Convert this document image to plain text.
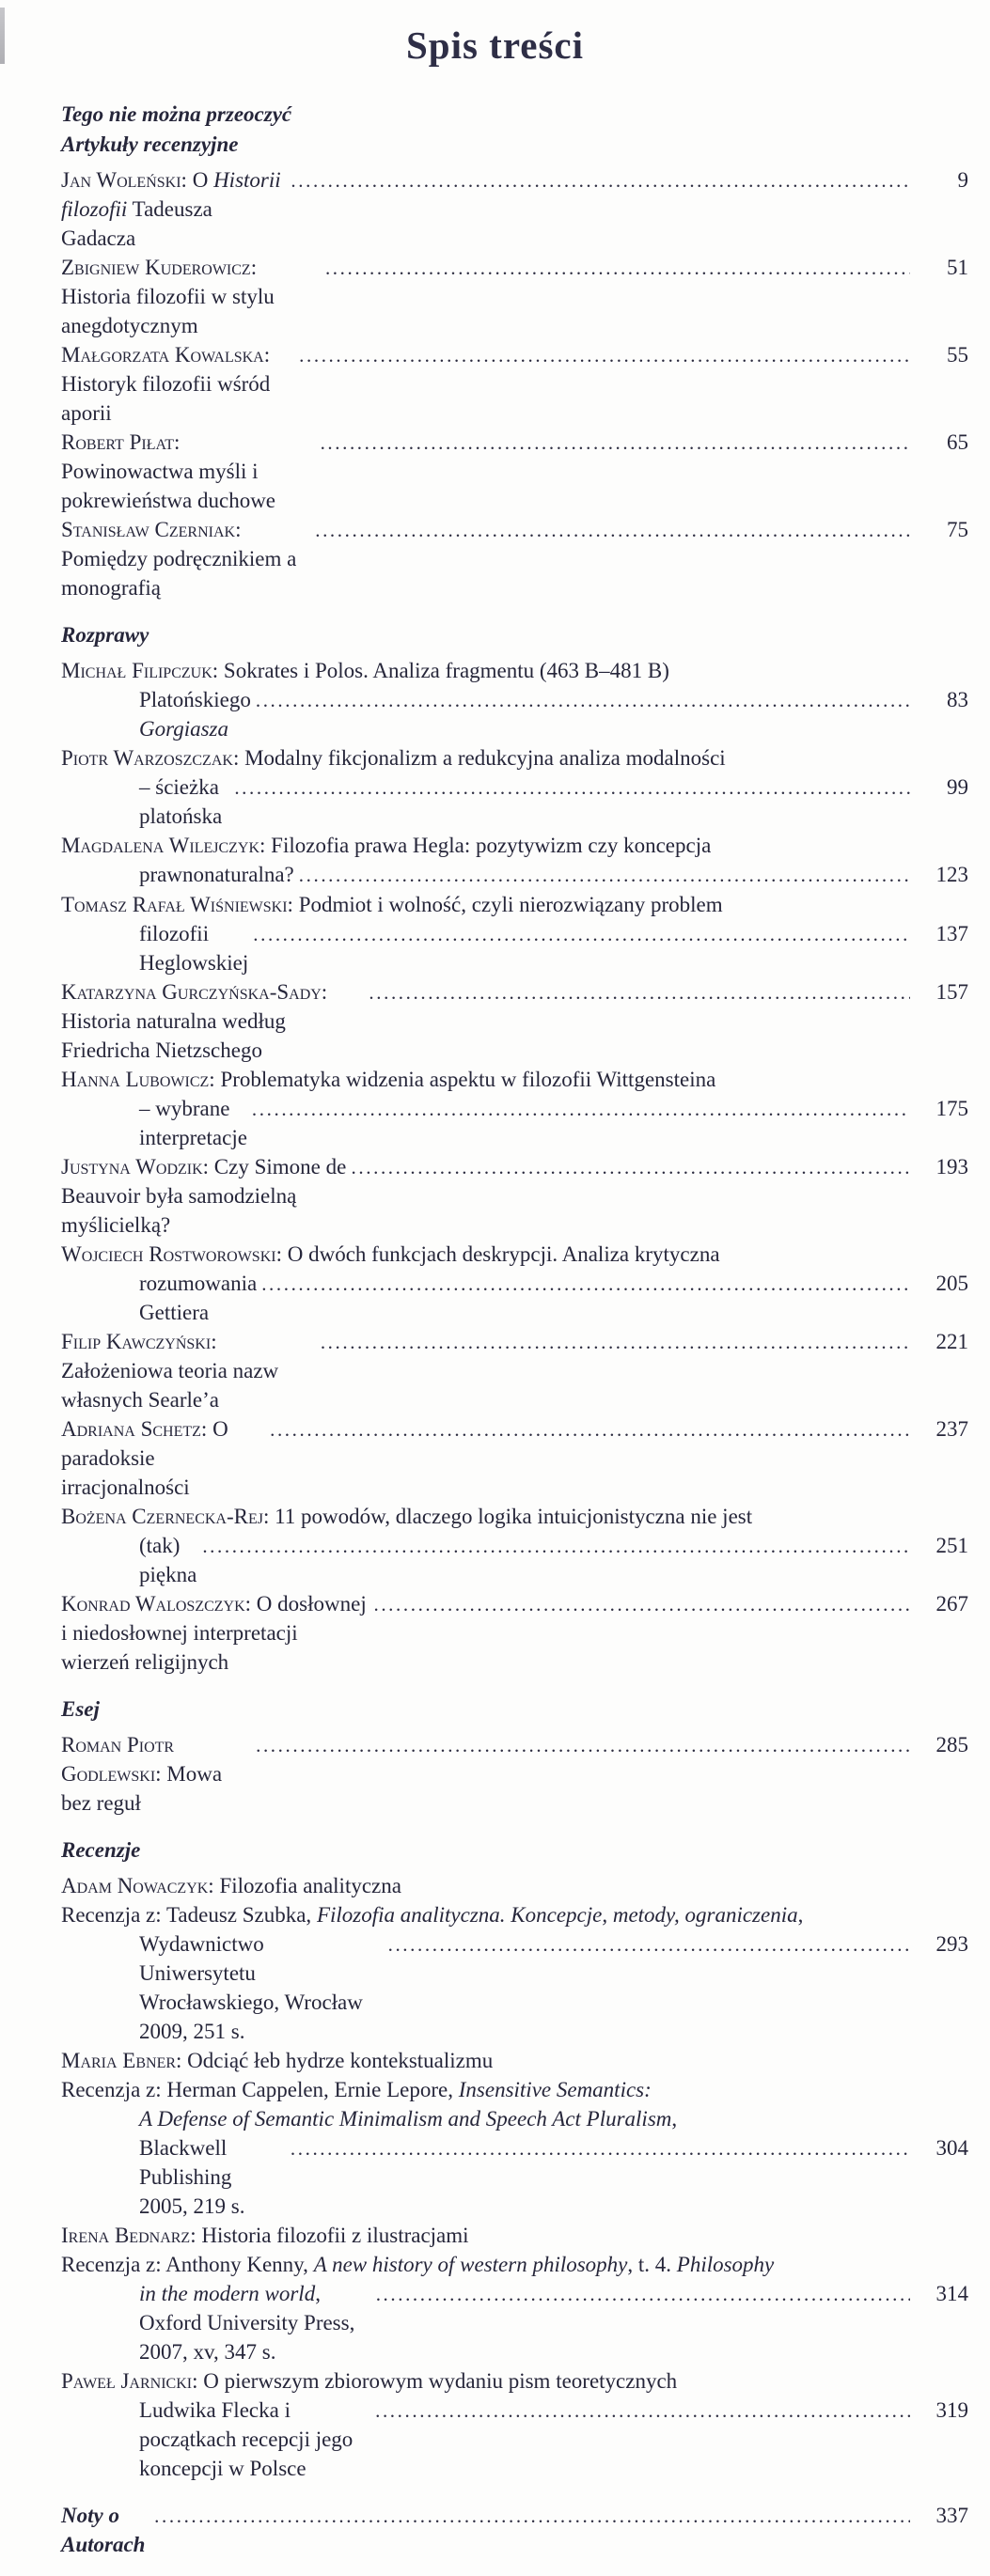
Spis treści
Tego nie można przeoczyć
Artykuły recenzyjne
Jan Woleński: O Historii filozofii Tadeusza Gadacza
.....
9
Zbigniew Kuderowicz: Historia filozofii w stylu anegdotycznym
.....
51
Małgorzata Kowalska: Historyk filozofii wśród aporii
.....
55
Robert Piłat: Powinowactwa myśli i pokrewieństwa duchowe
.....
65
Stanisław Czerniak: Pomiędzy podręcznikiem a monografią
.....
75
Rozprawy
Michał Filipczuk: Sokrates i Polos. Analiza fragmentu (463 B–481 B)
Platońskiego Gorgiasza
.....
83
Piotr Warzoszczak: Modalny fikcjonalizm a redukcyjna analiza modalności
– ścieżka platońska
.....
99
Magdalena Wilejczyk: Filozofia prawa Hegla: pozytywizm czy koncepcja
prawnonaturalna? .....	123
Tomasz Rafał Wiśniewski: Podmiot i wolność, czyli nierozwiązany problem
filozofii Heglowskiej
.....
137
Katarzyna Gurczyńska-Sady: Historia naturalna według Friedricha Nietzschego
.....
157
Hanna Lubowicz: Problematyka widzenia aspektu w filozofii Wittgensteina
– wybrane interpretacje
.....
175
Justyna Wodzik: Czy Simone de Beauvoir była samodzielną myślicielką?
.....
193
Wojciech Rostworowski: O dwóch funkcjach deskrypcji. Analiza krytyczna
rozumowania Gettiera
.....
205
Filip Kawczyński: Założeniowa teoria nazw własnych Searle’a
.....
221
Adriana Schetz: O paradoksie irracjonalności
.....
237
Bożena Czernecka-Rej: 11 powodów, dlaczego logika intuicjonistyczna nie jest
(tak) piękna
.....
251
Konrad Waloszczyk: O dosłownej i niedosłownej interpretacji wierzeń religijnych
.....
267
Esej
Roman Piotr Godlewski: Mowa bez reguł
.....
285
Recenzje
Adam Nowaczyk: Filozofia analityczna
Recenzja z: Tadeusz Szubka, Filozofia analityczna. Koncepcje, metody, ograniczenia,
Wydawnictwo Uniwersytetu Wrocławskiego, Wrocław 2009, 251 s.
.....
293
Maria Ebner: Odciąć łeb hydrze kontekstualizmu
Recenzja z: Herman Cappelen, Ernie Lepore, Insensitive Semantics:
A Defense of Semantic Minimalism and Speech Act Pluralism,
Blackwell Publishing 2005, 219 s.
.....
304
Irena Bednarz: Historia filozofii z ilustracjami
Recenzja z: Anthony Kenny, A new history of western philosophy, t. 4. Philosophy
in the modern world, Oxford University Press, 2007, xv, 347 s.
.....
314
Paweł Jarnicki: O pierwszym zbiorowym wydaniu pism teoretycznych
Ludwika Flecka i początkach recepcji jego koncepcji w Polsce
.....
319
Noty o Autorach
.....
337
